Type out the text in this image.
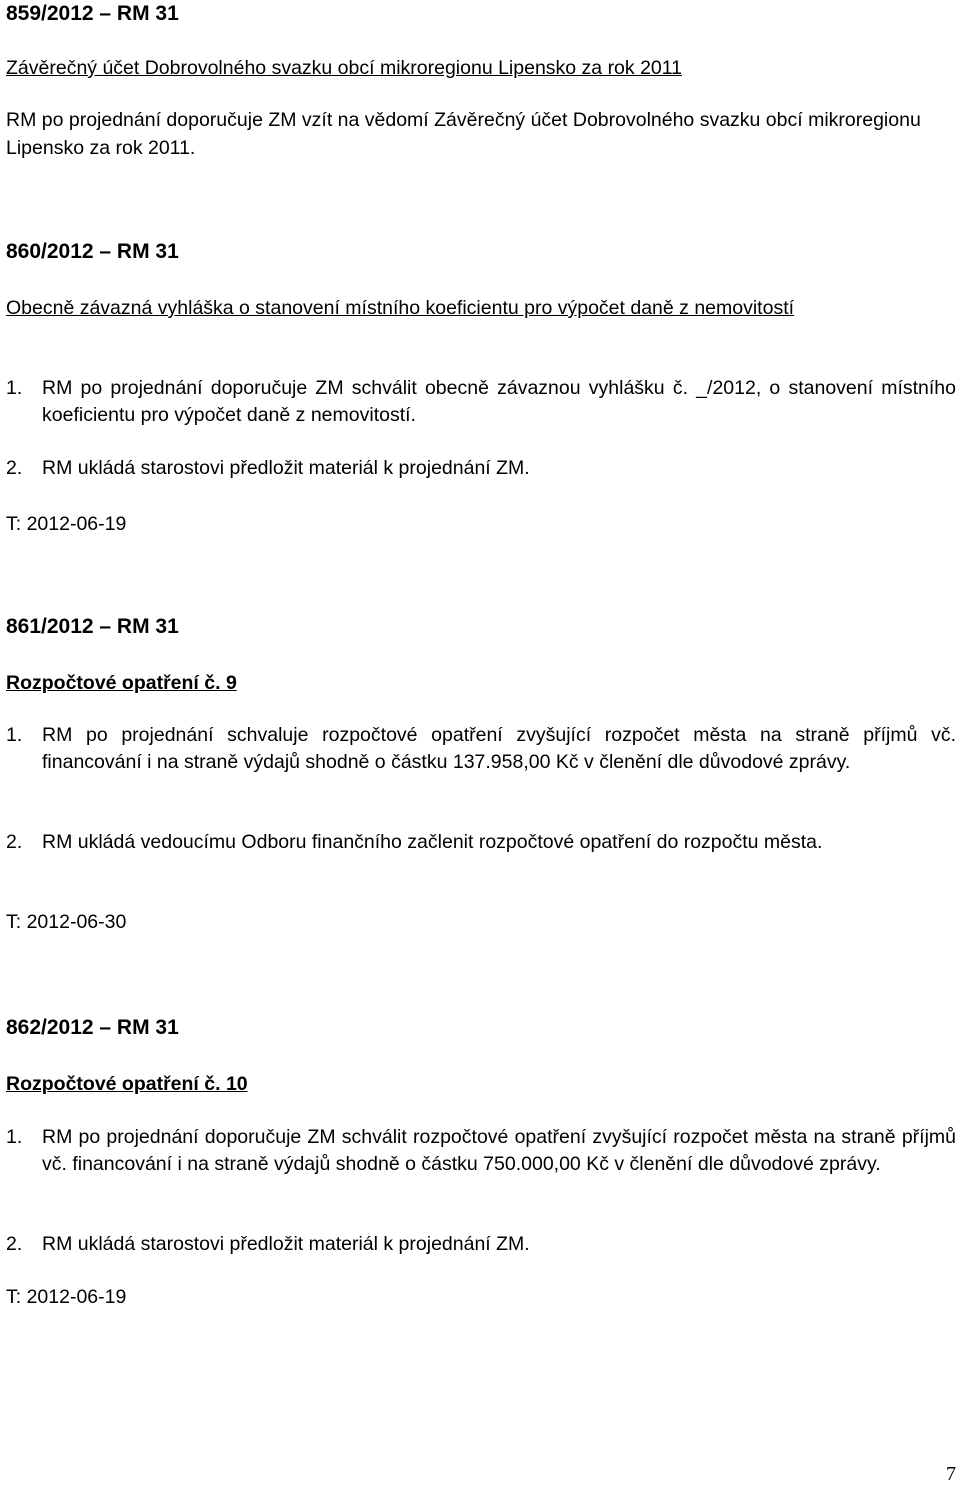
859/2012 – RM 31
Závěrečný účet Dobrovolného svazku obcí mikroregionu Lipensko za rok 2011
RM po projednání doporučuje ZM vzít na vědomí Závěrečný účet Dobrovolného svazku obcí mikroregionu Lipensko za rok 2011.
860/2012 – RM 31
Obecně závazná vyhláška o stanovení místního koeficientu pro výpočet daně z nemovitostí
1. RM po projednání doporučuje ZM schválit obecně závaznou vyhlášku č. _/2012, o stanovení místního koeficientu pro výpočet daně z nemovitostí.
2. RM ukládá starostovi předložit materiál k projednání ZM.
T: 2012-06-19
861/2012 – RM 31
Rozpočtové opatření č. 9
1. RM po projednání schvaluje rozpočtové opatření zvyšující rozpočet města na straně příjmů vč. financování i na straně výdajů shodně o částku 137.958,00 Kč v členění dle důvodové zprávy.
2. RM ukládá vedoucímu Odboru finančního začlenit rozpočtové opatření do rozpočtu města.
T: 2012-06-30
862/2012 – RM 31
Rozpočtové opatření č. 10
1. RM po projednání doporučuje ZM schválit rozpočtové opatření zvyšující rozpočet města na straně příjmů vč. financování i na straně výdajů shodně o částku 750.000,00 Kč v členění dle důvodové zprávy.
2. RM ukládá starostovi předložit materiál k projednání ZM.
T: 2012-06-19
7
